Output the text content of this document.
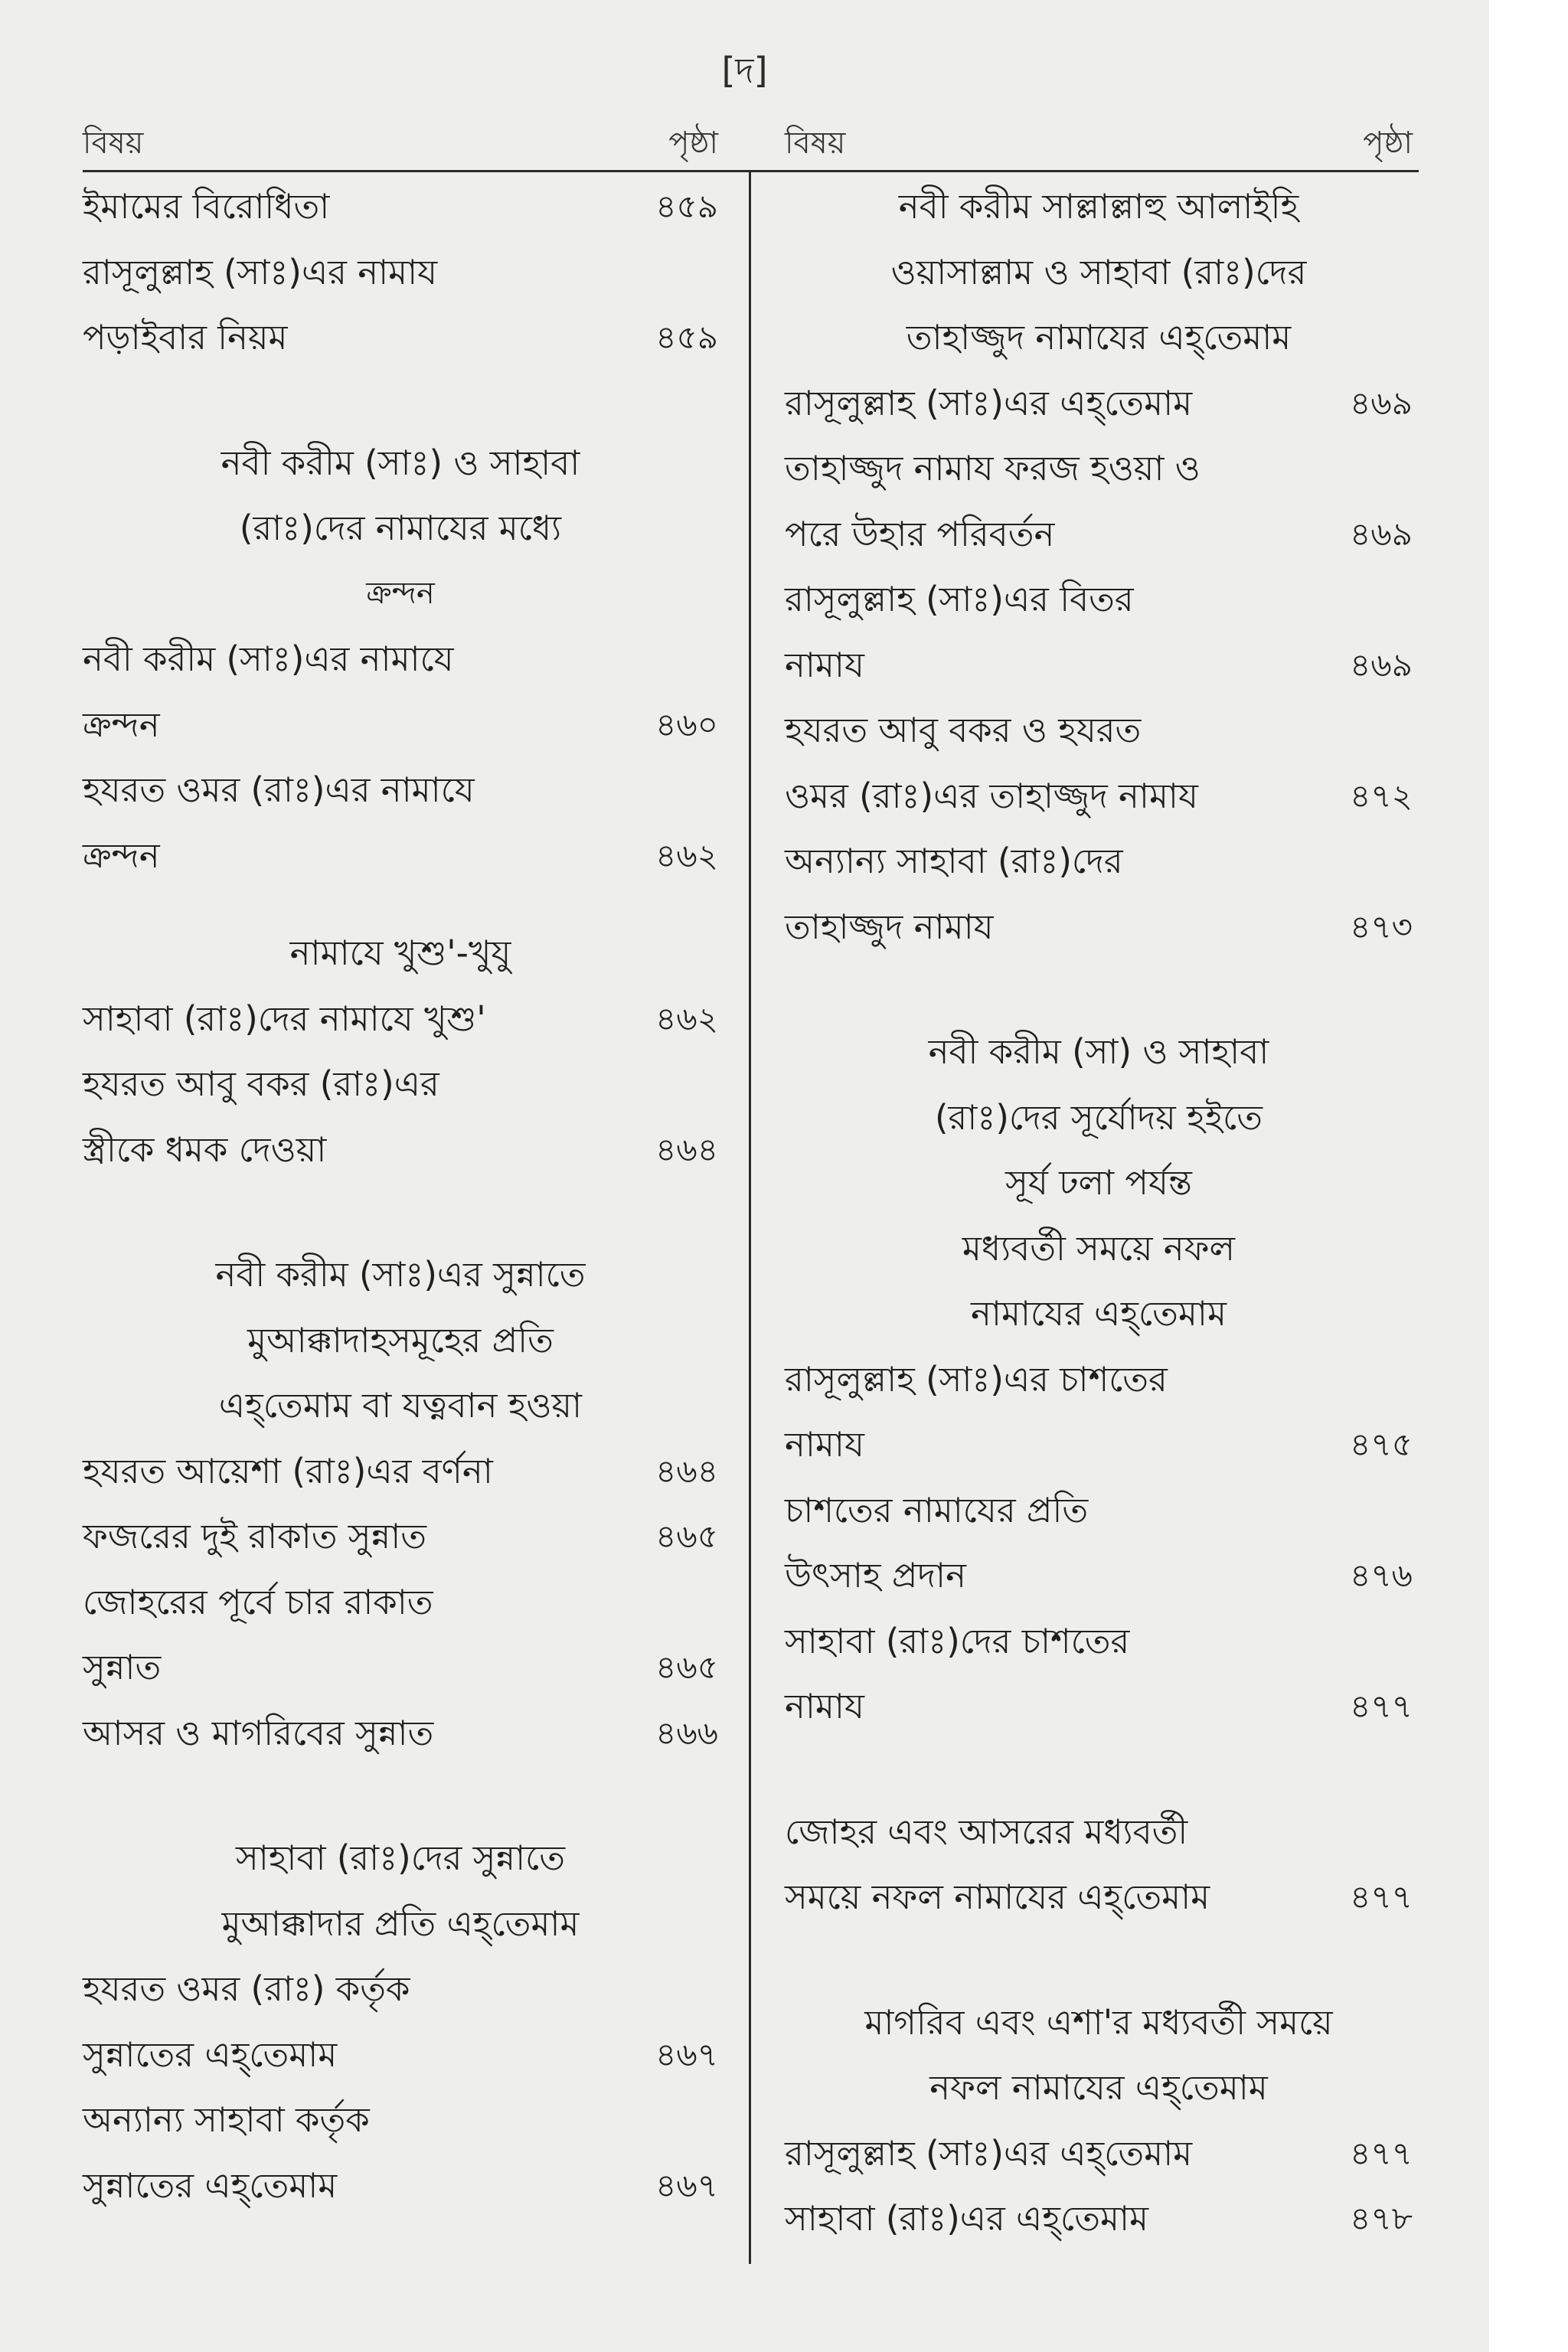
[দ]
বিষয়	পৃষ্ঠা
ইমামের বিরোধিতা	৪৫৯
রাসূলুল্লাহ (সাঃ)এর নামায
পড়াইবার নিয়ম	৪৫৯
নবী করীম (সাঃ) ও সাহাবা
(রাঃ)দের নামাযের মধ্যে
ক্রন্দন
নবী করীম (সাঃ)এর নামাযে
ক্রন্দন	৪৬০
হযরত ওমর (রাঃ)এর নামাযে
ক্রন্দন	৪৬২
নামাযে খুশু'-খুযু
সাহাবা (রাঃ)দের নামাযে খুশু'	৪৬২
হযরত আবু বকর (রাঃ)এর
স্ত্রীকে ধমক দেওয়া	৪৬৪
নবী করীম (সাঃ)এর সুন্নাতে
মুআক্কাদাহসমূহের প্রতি
এহ্‌তেমাম বা যত্নবান হওয়া
হযরত আয়েশা (রাঃ)এর বর্ণনা	৪৬৪
ফজরের দুই রাকাত সুন্নাত	৪৬৫
জোহরের পূর্বে চার রাকাত
সুন্নাত	৪৬৫
আসর ও মাগরিবের সুন্নাত	৪৬৬
সাহাবা (রাঃ)দের সুন্নাতে
মুআক্কাদার প্রতি এহ্‌তেমাম
হযরত ওমর (রাঃ) কর্তৃক
সুন্নাতের এহ্‌তেমাম	৪৬৭
অন্যান্য সাহাবা কর্তৃক
সুন্নাতের এহ্‌তেমাম	৪৬৭
বিষয়	পৃষ্ঠা
নবী করীম সাল্লাল্লাহু আলাইহি
ওয়াসাল্লাম ও সাহাবা (রাঃ)দের
তাহাজ্জুদ নামাযের এহ্‌তেমাম
রাসূলুল্লাহ (সাঃ)এর এহ্‌তেমাম	৪৬৯
তাহাজ্জুদ নামায ফরজ হওয়া ও
পরে উহার পরিবর্তন	৪৬৯
রাসূলুল্লাহ (সাঃ)এর বিতর
নামায	৪৬৯
হযরত আবু বকর ও হযরত
ওমর (রাঃ)এর তাহাজ্জুদ নামায	৪৭২
অন্যান্য সাহাবা (রাঃ)দের
তাহাজ্জুদ নামায	৪৭৩
নবী করীম (সা) ও সাহাবা
(রাঃ)দের সূর্যোদয় হইতে
সূর্য ঢলা পর্যন্ত
মধ্যবর্তী সময়ে নফল
নামাযের এহ্‌তেমাম
রাসূলুল্লাহ (সাঃ)এর চাশতের
নামায	৪৭৫
চাশতের নামাযের প্রতি
উৎসাহ প্রদান	৪৭৬
সাহাবা (রাঃ)দের চাশতের
নামায	৪৭৭
জোহর এবং আসরের মধ্যবর্তী
সময়ে নফল নামাযের এহ্‌তেমাম	৪৭৭
মাগরিব এবং এশা'র মধ্যবর্তী সময়ে
নফল নামাযের এহ্‌তেমাম
রাসূলুল্লাহ (সাঃ)এর এহ্‌তেমাম	৪৭৭
সাহাবা (রাঃ)এর এহ্‌তেমাম	৪৭৮
